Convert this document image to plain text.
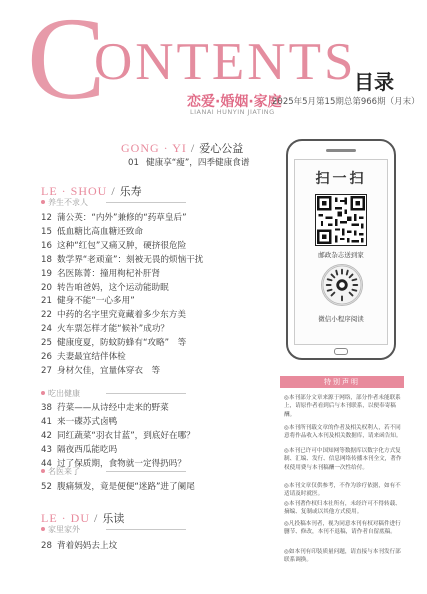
C
ONTENTS
目录
恋爱·婚姻·家庭
LIANAI HUNYIN JIATING
2025年5月第15期总第966期（月末）
GONG · YI / 爱心公益
01 健康享“瘦”，四季健康食谱
LE · SHOU / 乐寿
养生不求人
12 蒲公英：“内外”兼修的“药草皇后”
15 低血糖比高血糖还致命
16 这种“红包”又痛又肿，硬挤很危险
18 数学界“老顽童”：刻被无畏的烦恼干扰
19 名医陈菁：撞用枸杞补肝肾
20 转告咱爸妈，这个运动能助眠
21 健身不能“一心多用”
22 中药的名字里究竟藏着多少东方美
24 火车票怎样才能“候补”成功？
25 健康度夏，防蚊防蜂有“攻略”　等
26 夫妻最宜结伴体检
27 身材欠佳，宜量体穿衣　等
吃出健康
38 荇菜——从诗经中走来的野菜
41 来一碟苏式卤鸭
42 同红蔬菜“羽衣甘蓝”，到底好在哪？
43 隔夜西瓜能吃吗
44 过了保质期，食物就一定得扔吗？
名医来了
52 腹痛频发，竟是便便“迷路”进了阑尾
LE · DU / 乐读
家里家外
28 背着妈妈去上坟
扫一扫
邮政杂志送到家
微信小程序阅读
特别声明
◎本刊部分文章来源于网络，部分作者未能联系上，请原作者看到后与本刊联系，以便奉寄稿酬。
◎本刊所刊载文章的作者及相关权利人，若不同意将作品收入本刊及相关数据库，请来函告知。
◎本刊已许可中国知网等数据库以数字化方式复制、汇编、发行、信息网络传播本刊全文，著作权使用费与本刊稿酬一次性给付。
◎本刊文章仅供参考，不作为诊疗依据，如有不适请及时就医。
◎本刊著作权归本社所有，未经许可不得转载、摘编、复制或以其他方式使用。
◎凡投稿本刊者，视为同意本刊有权对稿件进行删节、修改，本刊不退稿，请作者自留底稿。
◎如本刊有印装质量问题，请直接与本刊发行部联系调换。
